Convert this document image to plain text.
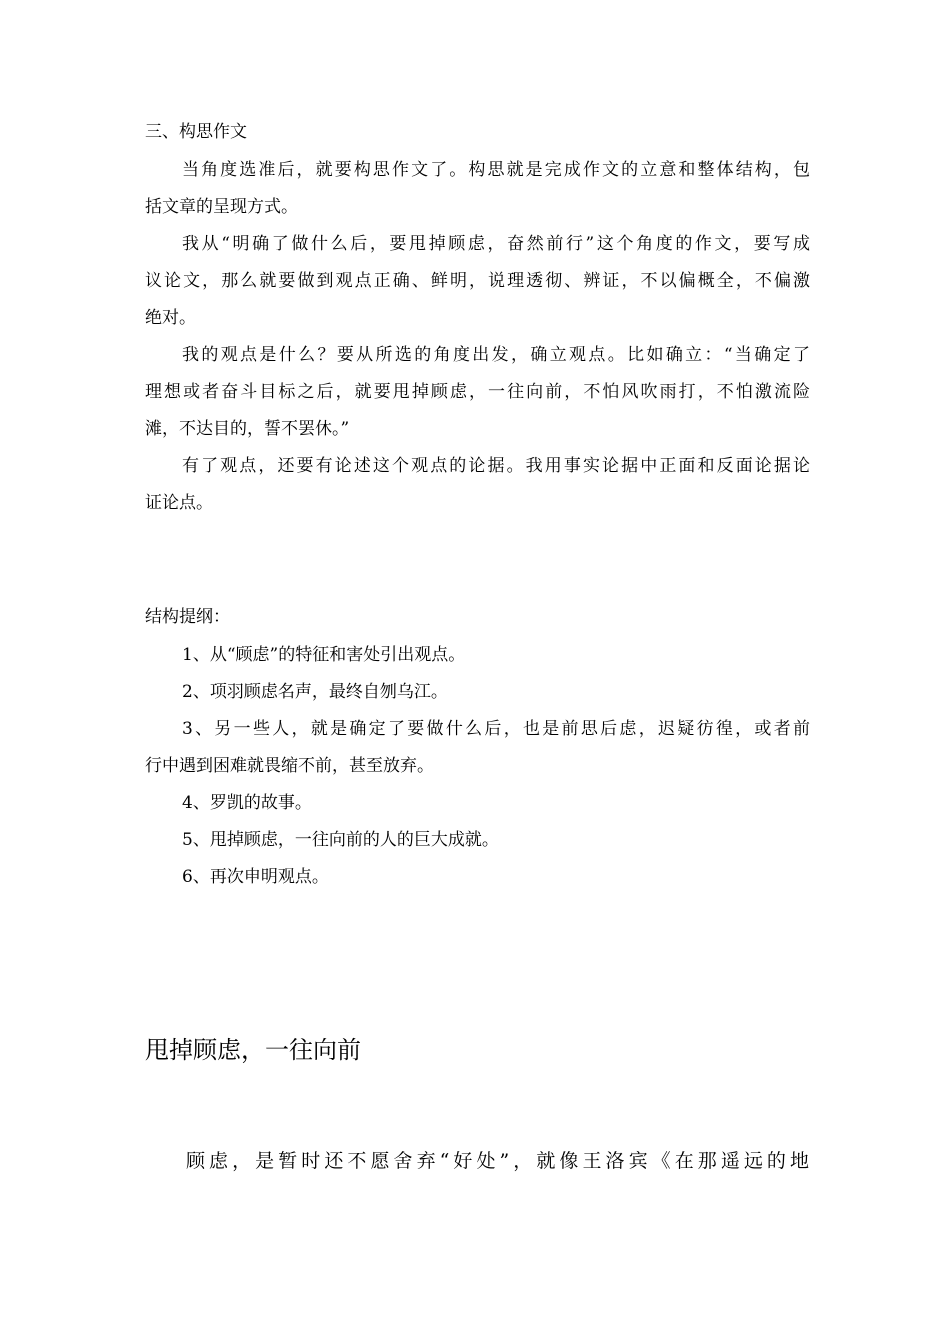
三、构思作文
当角度选准后，就要构思作文了。构思就是完成作文的立意和整体结构，包
括文章的呈现方式。
我从“明确了做什么后，要甩掉顾虑，奋然前行”这个角度的作文，要写成
议论文，那么就要做到观点正确、鲜明，说理透彻、辨证，不以偏概全，不偏激
绝对。
我的观点是什么？要从所选的角度出发，确立观点。比如确立：“当确定了
理想或者奋斗目标之后，就要甩掉顾虑，一往向前，不怕风吹雨打，不怕激流险
滩，不达目的，誓不罢休。”
有了观点，还要有论述这个观点的论据。我用事实论据中正面和反面论据论
证论点。
结构提纲：
1、从“顾虑”的特征和害处引出观点。
2、项羽顾虑名声，最终自刎乌江。
3、另一些人，就是确定了要做什么后，也是前思后虑，迟疑彷徨，或者前
行中遇到困难就畏缩不前，甚至放弃。
4、罗凯的故事。
5、甩掉顾虑，一往向前的人的巨大成就。
6、再次申明观点。
甩掉顾虑，一往向前
顾虑，是暂时还不愿舍弃“好处”，就像王洛宾《在那遥远的地
